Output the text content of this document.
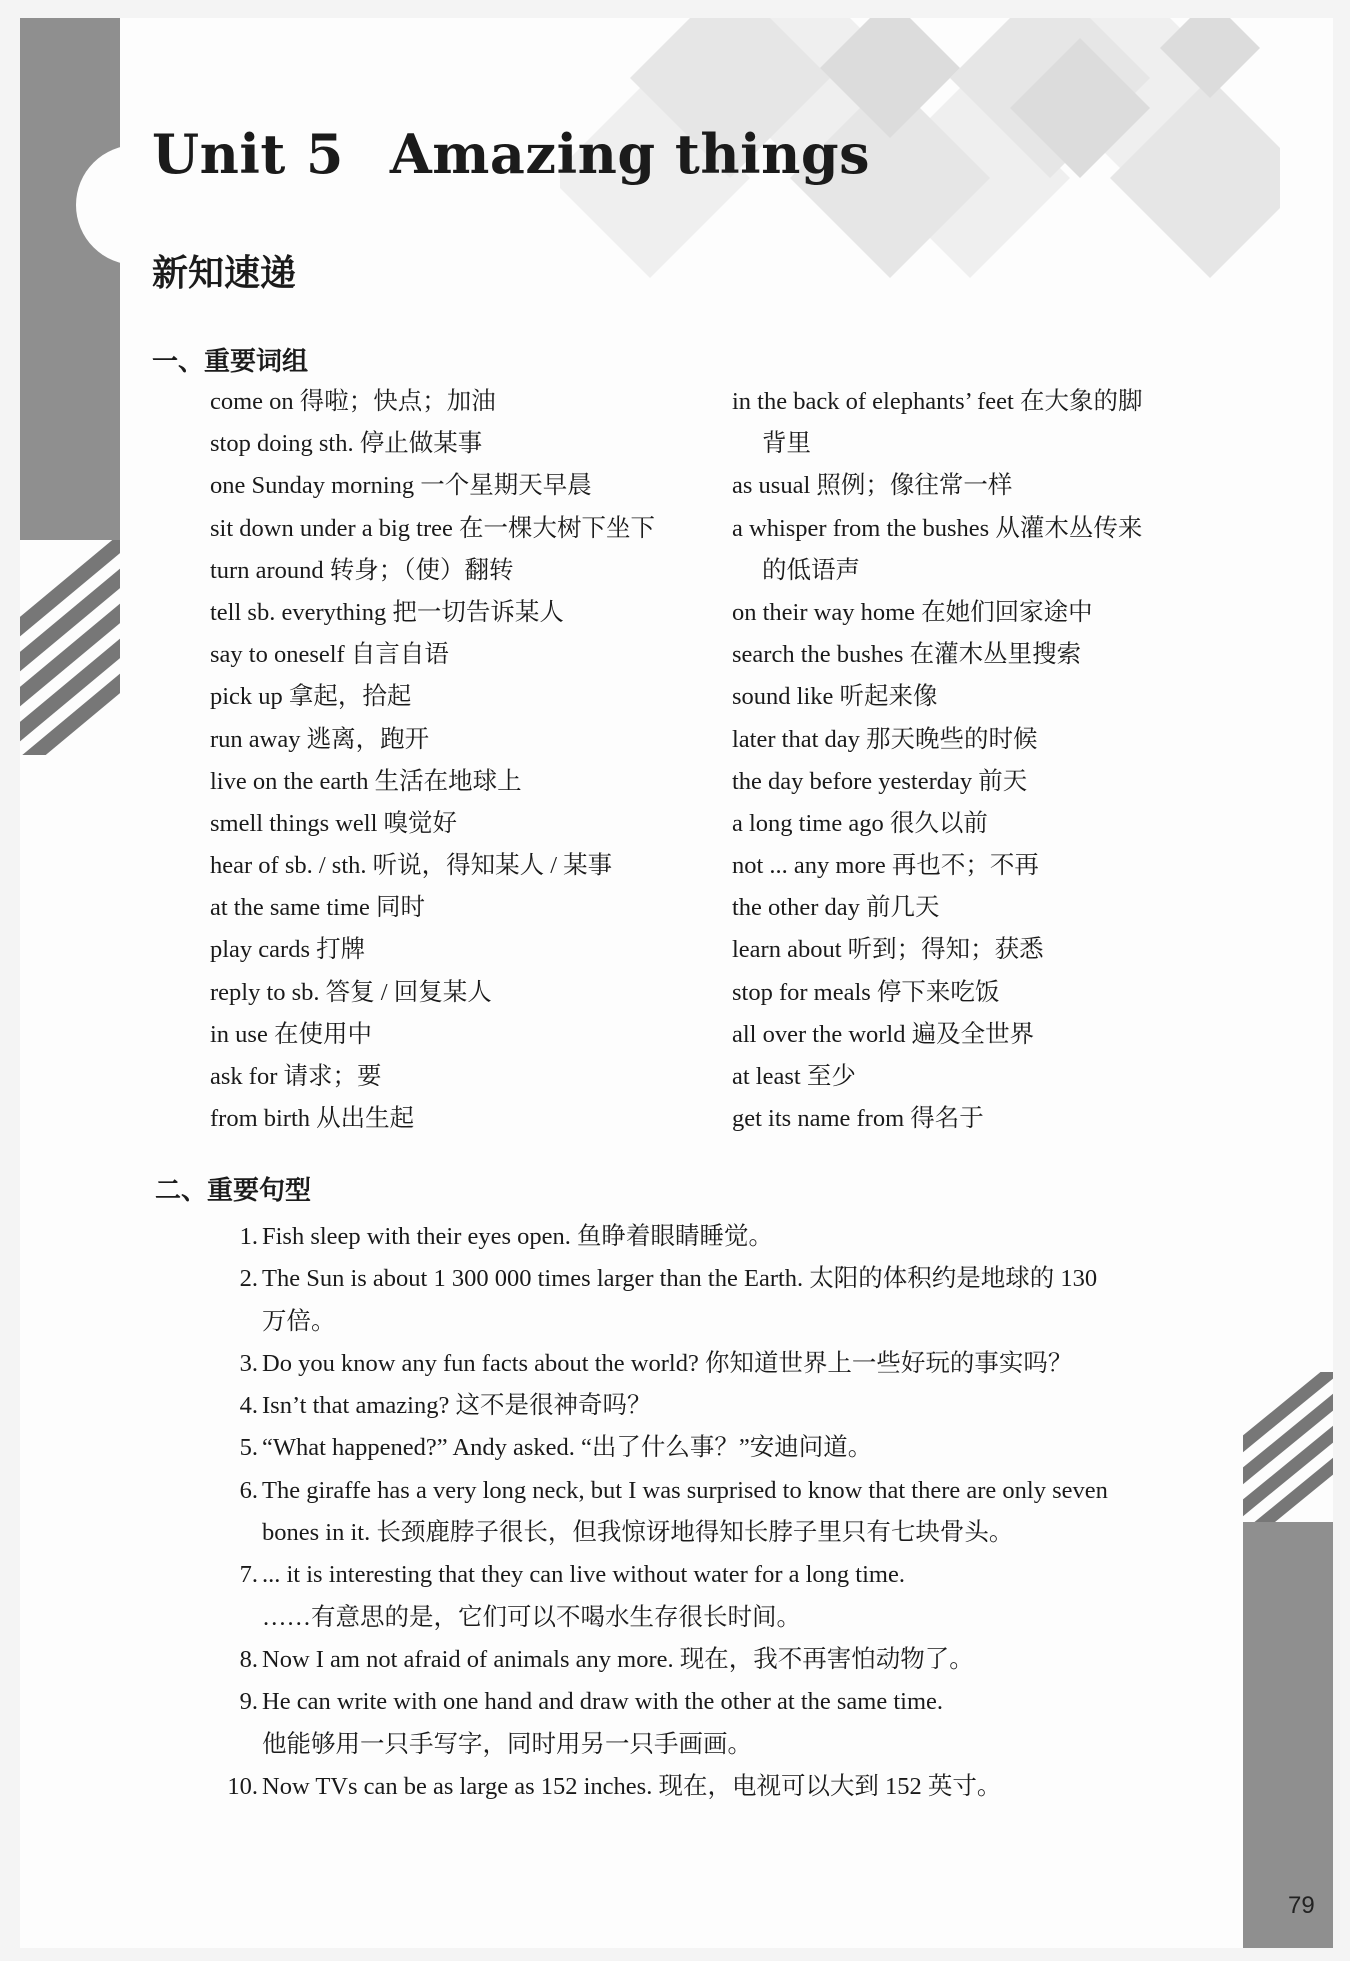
Unit 5 Amazing things
新知速递
一、重要词组
come on 得啦；快点；加油
stop doing sth. 停止做某事
one Sunday morning 一个星期天早晨
sit down under a big tree 在一棵大树下坐下
turn around 转身；（使）翻转
tell sb. everything 把一切告诉某人
say to oneself 自言自语
pick up 拿起，拾起
run away 逃离，跑开
live on the earth 生活在地球上
smell things well 嗅觉好
hear of sb. / sth. 听说，得知某人 / 某事
at the same time 同时
play cards 打牌
reply to sb. 答复 / 回复某人
in use 在使用中
ask for 请求；要
from birth 从出生起
in the back of elephants’ feet 在大象的脚
背里
as usual 照例；像往常一样
a whisper from the bushes 从灌木丛传来
的低语声
on their way home 在她们回家途中
search the bushes 在灌木丛里搜索
sound like 听起来像
later that day 那天晚些的时候
the day before yesterday 前天
a long time ago 很久以前
not ... any more 再也不；不再
the other day 前几天
learn about 听到；得知；获悉
stop for meals 停下来吃饭
all over the world 遍及全世界
at least 至少
get its name from 得名于
二、重要句型
1. Fish sleep with their eyes open. 鱼睁着眼睛睡觉。
2. The Sun is about 1 300 000 times larger than the Earth. 太阳的体积约是地球的 130
万倍。
3. Do you know any fun facts about the world? 你知道世界上一些好玩的事实吗？
4. Isn’t that amazing? 这不是很神奇吗？
5. “What happened?” Andy asked. “出了什么事？”安迪问道。
6. The giraffe has a very long neck, but I was surprised to know that there are only seven
bones in it. 长颈鹿脖子很长，但我惊讶地得知长脖子里只有七块骨头。
7. ... it is interesting that they can live without water for a long time.
……有意思的是，它们可以不喝水生存很长时间。
8. Now I am not afraid of animals any more. 现在，我不再害怕动物了。
9. He can write with one hand and draw with the other at the same time.
他能够用一只手写字，同时用另一只手画画。
10. Now TVs can be as large as 152 inches. 现在，电视可以大到 152 英寸。
79
